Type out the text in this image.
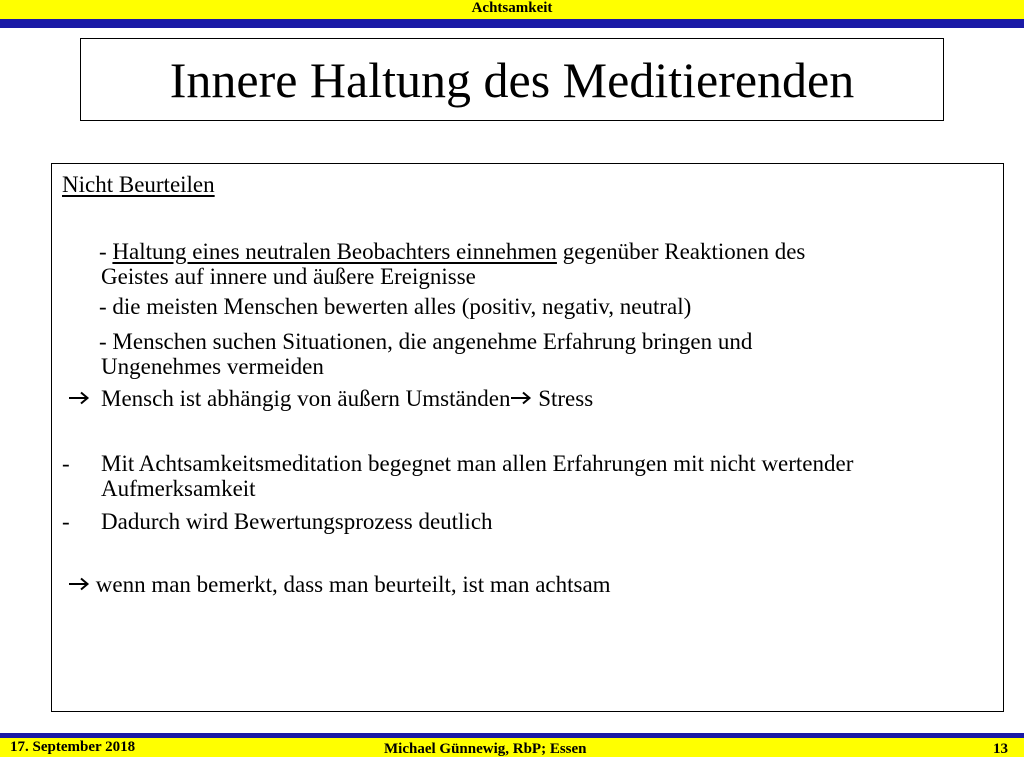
Achtsamkeit
Innere Haltung des Meditierenden
Nicht Beurteilen
- Haltung eines neutralen Beobachters einnehmen gegenüber Reaktionen des
Geistes auf innere und äußere Ereignisse
- die meisten Menschen bewerten alles (positiv, negativ, neutral)
- Menschen suchen Situationen, die angenehme Erfahrung bringen und
Ungenehmes vermeiden
Mensch ist abhängig von äußern Umständen
Stress
- Mit Achtsamkeitsmeditation begegnet man allen Erfahrungen mit nicht wertender
Aufmerksamkeit
- Dadurch wird Bewertungsprozess deutlich
wenn man bemerkt, dass man beurteilt, ist man achtsam
17. September 2018	Michael Günnewig, RbP; Essen	13
